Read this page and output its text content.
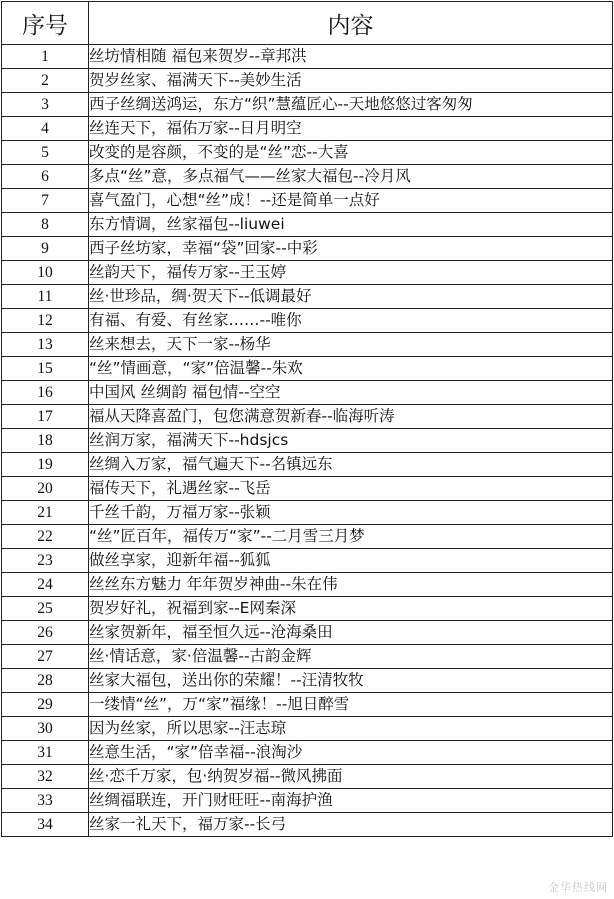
序号	内容
1	丝坊情相随 福包来贺岁--章邦洪
2	贺岁丝家、福满天下--美妙生活
3	西子丝绸送鸿运，东方“织”慧蕴匠心--天地悠悠过客匆匆
4	丝连天下，福佑万家--日月明空
5	改变的是容颜，不变的是“丝”恋--大喜
6	多点“丝”意，多点福气——丝家大福包--冷月风
7	喜气盈门，心想“丝”成！--还是简单一点好
8	东方情调，丝家福包--liuwei
9	西子丝坊家，幸福“袋”回家--中彩
10	丝韵天下，福传万家--王玉婷
11	丝·世珍品，绸·贺天下--低调最好
12	有福、有爱、有丝家……--唯你
13	丝来想去，天下一家--杨华
15	“丝”情画意，“家”倍温馨--朱欢
16	中国风 丝绸韵 福包情--空空
17	福从天降喜盈门，包您满意贺新春--临海听涛
18	丝润万家，福满天下--hdsjcs
19	丝绸入万家，福气遍天下--名镇远东
20	福传天下，礼遇丝家--飞岳
21	千丝千韵，万福万家--张颖
22	“丝”匠百年，福传万“家”--二月雪三月梦
23	做丝享家，迎新年福--狐狐
24	丝丝东方魅力 年年贺岁神曲--朱在伟
25	贺岁好礼，祝福到家--E网秦深
26	丝家贺新年，福至恒久远--沧海桑田
27	丝·情话意，家·倍温馨--古韵金辉
28	丝家大福包，送出你的荣耀！--汪清牧牧
29	一缕情“丝”，万“家”福缘！--旭日醉雪
30	因为丝家，所以思家--汪志琼
31	丝意生活，“家”倍幸福--浪淘沙
32	丝·恋千万家，包·纳贺岁福--微风拂面
33	丝绸福联连，开门财旺旺--南海护渔
34	丝家一礼天下，福万家--长弓
金华热线网
